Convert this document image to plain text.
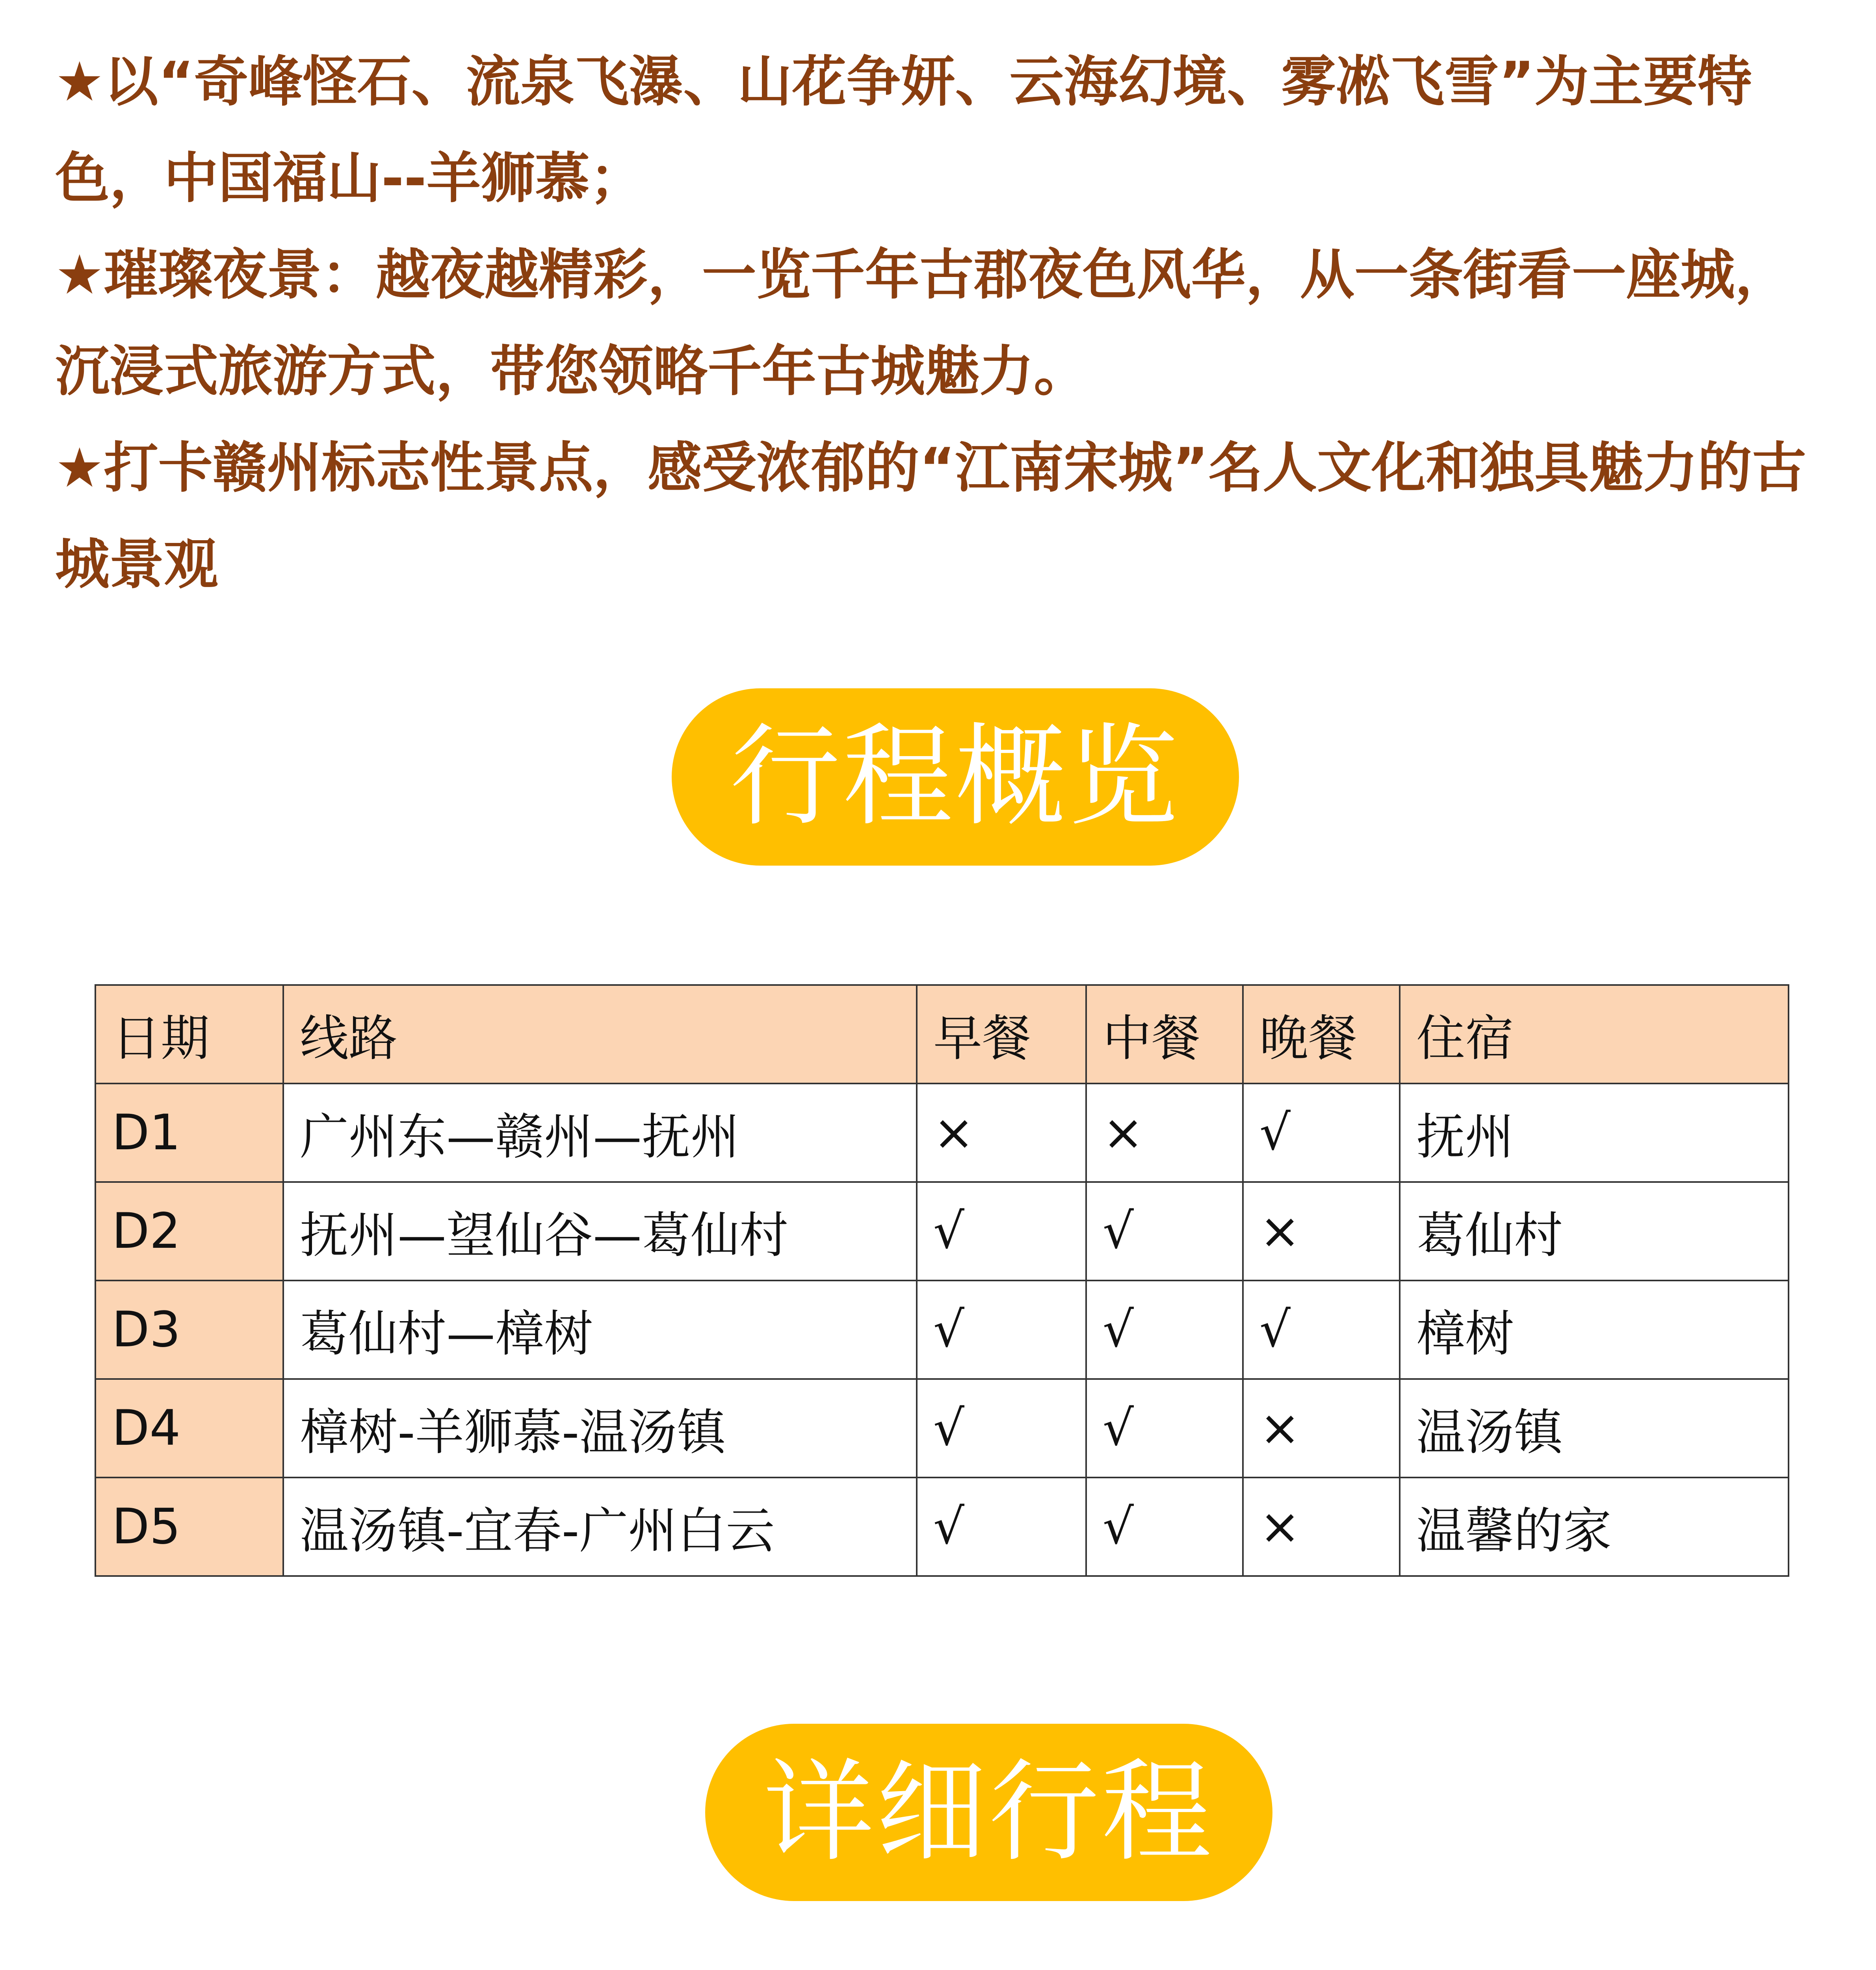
★以“奇峰怪石、流泉飞瀑、山花争妍、云海幻境、雾凇飞雪”为主要特色，中国福山--羊狮慕；

★璀璨夜景：越夜越精彩，一览千年古郡夜色风华，从一条街看一座城，沉浸式旅游方式，带您领略千年古城魅力。

★打卡赣州标志性景点，感受浓郁的“江南宋城”名人文化和独具魅力的古城景观

行程概览
日期	线路	早餐	中餐	晚餐	住宿
D1	广州东—赣州—抚州	×	×	√	抚州
D2	抚州—望仙谷—葛仙村	√	√	×	葛仙村
D3	葛仙村—樟树	√	√	√	樟树
D4	樟树-羊狮慕-温汤镇	√	√	×	温汤镇
D5	温汤镇-宜春-广州白云	√	√	×	温馨的家
详细行程
